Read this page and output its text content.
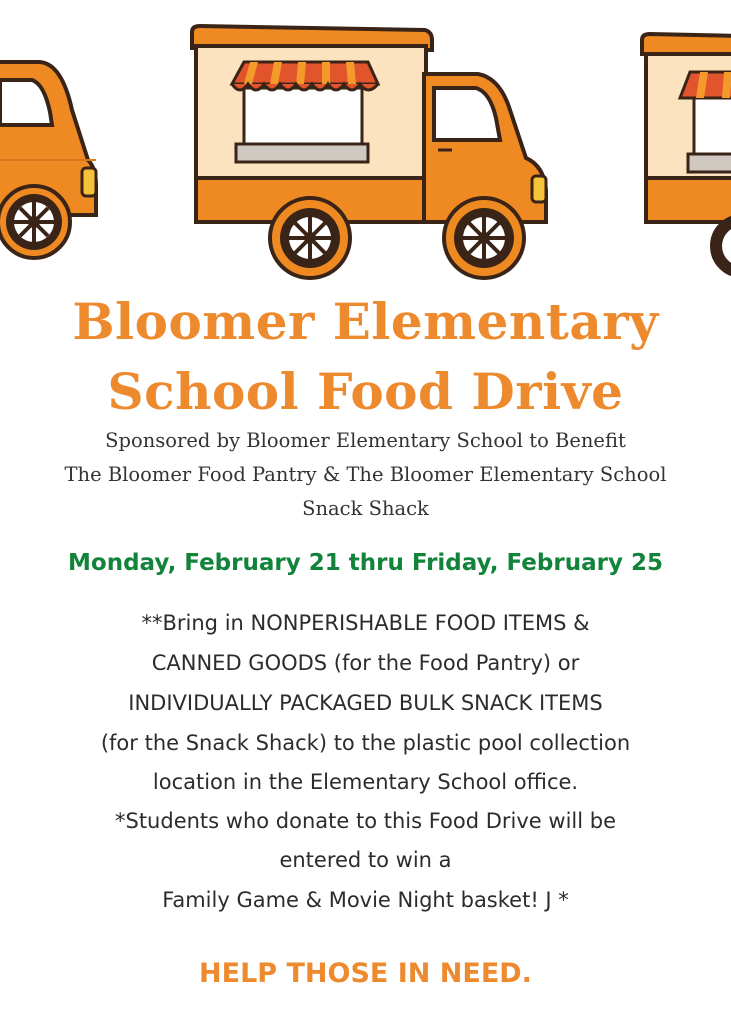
Bloomer Elementary
School Food Drive
Sponsored by Bloomer Elementary School to Benefit
The Bloomer Food Pantry & The Bloomer Elementary School
Snack Shack
Monday, February 21 thru Friday, February 25
**Bring in NONPERISHABLE FOOD ITEMS &
CANNED GOODS (for the Food Pantry) or
INDIVIDUALLY PACKAGED BULK SNACK ITEMS
(for the Snack Shack) to the plastic pool collection
location in the Elementary School office.
*Students who donate to this Food Drive will be
entered to win a
Family Game & Movie Night basket! J *
HELP THOSE IN NEED.
